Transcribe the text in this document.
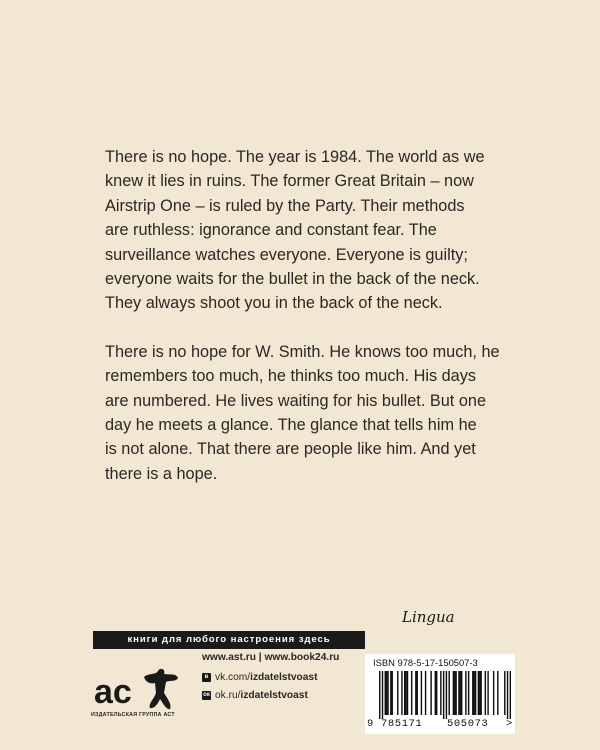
There is no hope. The year is 1984. The world as we
knew it lies in ruins. The former Great Britain – now
Airstrip One – is ruled by the Party. Their methods
are ruthless: ignorance and constant fear. The
surveillance watches everyone. Everyone is guilty;
everyone waits for the bullet in the back of the neck.
They always shoot you in the back of the neck.

There is no hope for W. Smith. He knows too much, he
remembers too much, he thinks too much. His days
are numbered. He lives waiting for his bullet. But one
day he meets a glance. The glance that tells him he
is not alone. That there are people like him. And yet
there is a hope.

книги для любого настроения здесь
Lingua
ac
ИЗДАТЕЛЬСКАЯ ГРУППА АСТ
www.ast.ru | www.book24.ru
в vk.com/ izdatelstvoast
ок ok.ru/ izdatelstvoast
ISBN 978-5-17-150507-3
9 785171 505073 >
